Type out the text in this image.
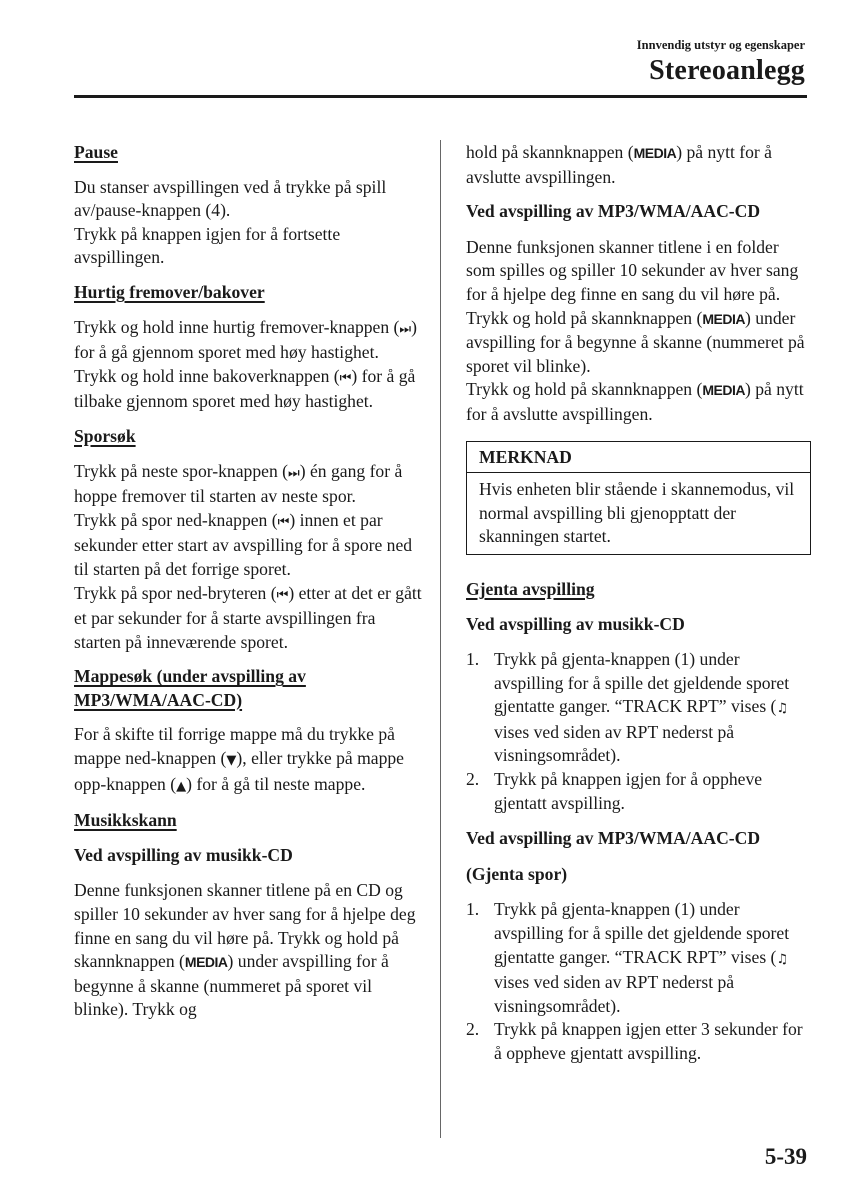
Innvendig utstyr og egenskaper
Stereoanlegg
Pause

Du stanser avspillingen ved å trykke på spill av/pause-knappen (4).
Trykk på knappen igjen for å fortsette avspillingen.

Hurtig fremover/bakover

Trykk og hold inne hurtig fremover-knappen (⏭) for å gå gjennom sporet med høy hastighet. Trykk og hold inne bakoverknappen (⏮) for å gå tilbake gjennom sporet med høy hastighet.

Sporsøk

Trykk på neste spor-knappen (⏭) én gang for å hoppe fremover til starten av neste spor.
Trykk på spor ned-knappen (⏮) innen et par sekunder etter start av avspilling for å spore ned til starten på det forrige sporet.
Trykk på spor ned-bryteren (⏮) etter at det er gått et par sekunder for å starte avspillingen fra starten på inneværende sporet.

Mappesøk (under avspilling av
MP3/WMA/AAC-CD)

For å skifte til forrige mappe må du trykke på mappe ned-knappen (▼), eller trykke på mappe opp-knappen (▲) for å gå til neste mappe.

Musikkskann
Ved avspilling av musikk-CD

Denne funksjonen skanner titlene på en CD og spiller 10 sekunder av hver sang for å hjelpe deg finne en sang du vil høre på. Trykk og hold på skannknappen (MEDIA) under avspilling for å begynne å skanne (nummeret på sporet vil blinke). Trykk og

hold på skannknappen (MEDIA) på nytt for å avslutte avspillingen.

Ved avspilling av MP3/WMA/AAC-CD

Denne funksjonen skanner titlene i en folder som spilles og spiller 10 sekunder av hver sang for å hjelpe deg finne en sang du vil høre på. Trykk og hold på skannknappen (MEDIA) under avspilling for å begynne å skanne (nummeret på sporet vil blinke).
Trykk og hold på skannknappen (MEDIA) på nytt for å avslutte avspillingen.

MERKNAD
Hvis enheten blir stående i skannemodus, vil normal avspilling bli gjenopptatt der skanningen startet.
Gjenta avspilling
Ved avspilling av musikk-CD
1. Trykk på gjenta-knappen (1) under avspilling for å spille det gjeldende sporet gjentatte ganger. “TRACK RPT” vises (♫ vises ved siden av RPT nederst på visningsområdet).
2. Trykk på knappen igjen for å oppheve gjentatt avspilling.
Ved avspilling av MP3/WMA/AAC-CD
(Gjenta spor)
1. Trykk på gjenta-knappen (1) under avspilling for å spille det gjeldende sporet gjentatte ganger. “TRACK RPT” vises (♫ vises ved siden av RPT nederst på visningsområdet).
2. Trykk på knappen igjen etter 3 sekunder for å oppheve gjentatt avspilling.
5-39
